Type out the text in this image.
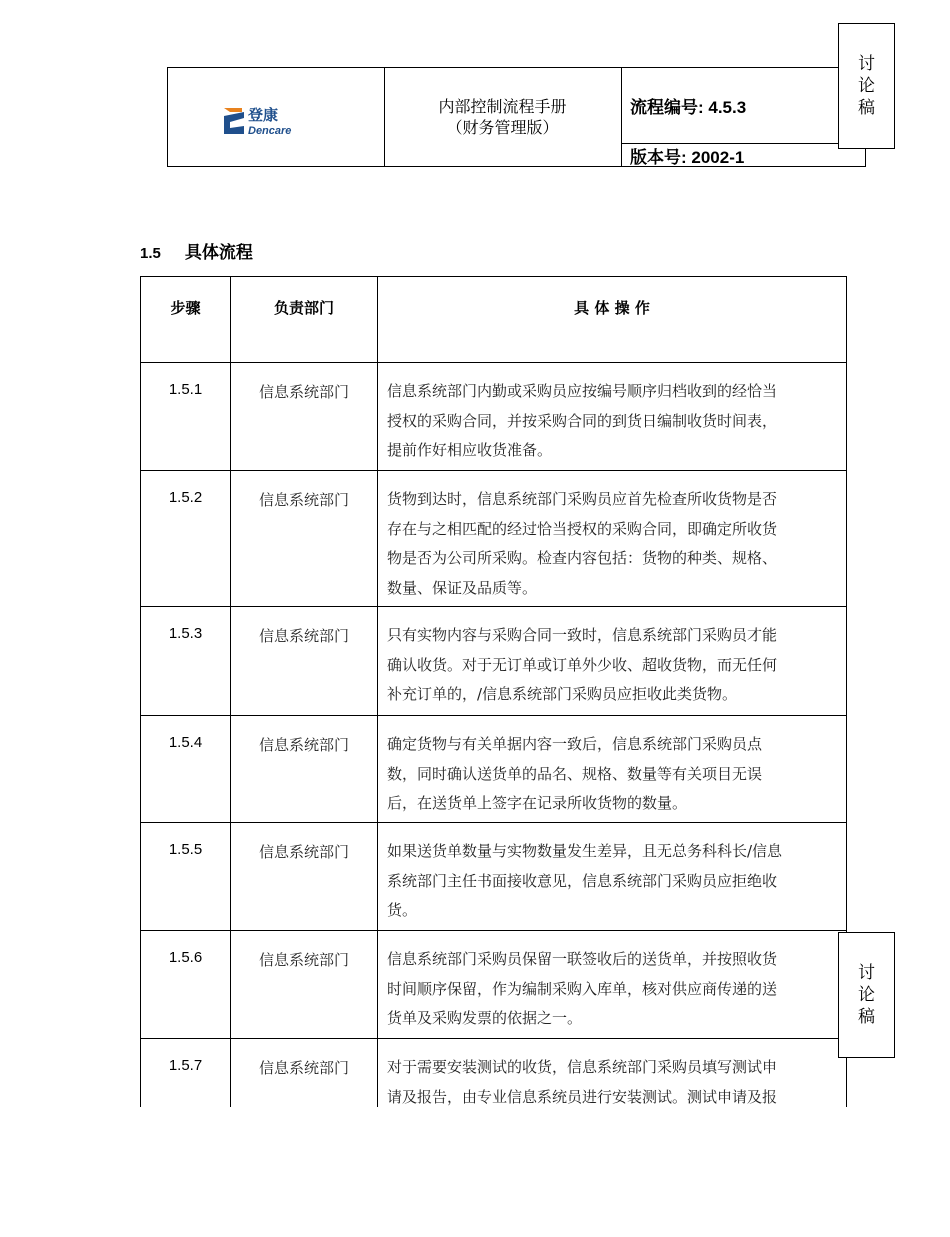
登康
Dencare
内部控制流程手册
（财务管理版）
流程编号: 4.5.3
版本号: 2002-1
讨
论
稿
1.5 具体流程
步骤	负责部门	具 体 操 作
1.5.1	信息系统部门	信息系统部门内勤或采购员应按编号顺序归档收到的经恰当
授权的采购合同，并按采购合同的到货日编制收货时间表，
提前作好相应收货准备。

1.5.2	信息系统部门	货物到达时，信息系统部门采购员应首先检查所收货物是否
存在与之相匹配的经过恰当授权的采购合同，即确定所收货
物是否为公司所采购。检查内容包括：货物的种类、规格、
数量、保证及品质等。

1.5.3	信息系统部门	只有实物内容与采购合同一致时，信息系统部门采购员才能
确认收货。对于无订单或订单外少收、超收货物，而无任何
补充订单的，/信息系统部门采购员应拒收此类货物。

1.5.4	信息系统部门	确定货物与有关单据内容一致后，信息系统部门采购员点
数，同时确认送货单的品名、规格、数量等有关项目无误
后，在送货单上签字在记录所收货物的数量。

1.5.5	信息系统部门	如果送货单数量与实物数量发生差异，且无总务科科长/信息
系统部门主任书面接收意见，信息系统部门采购员应拒绝收
货。

1.5.6	信息系统部门	信息系统部门采购员保留一联签收后的送货单，并按照收货
时间顺序保留，作为编制采购入库单，核对供应商传递的送
货单及采购发票的依据之一。

1.5.7	信息系统部门	对于需要安装测试的收货，信息系统部门采购员填写测试申
请及报告，由专业信息系统员进行安装测试。测试申请及报
讨
论
稿
